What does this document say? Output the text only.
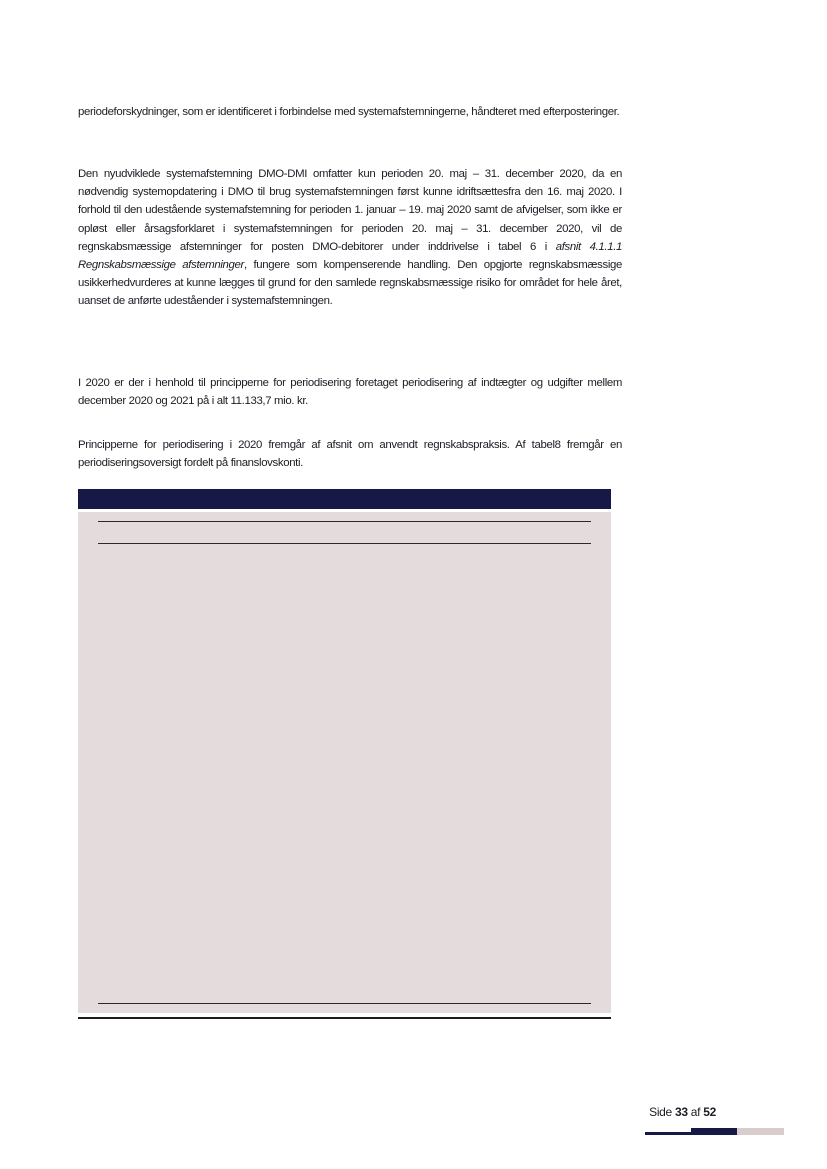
periodeforskydninger, som er identificeret i forbindelse med systemafstemningerne, håndteret med efterposteringer.

Den nyudviklede systemafstemning DMO-DMI omfatter kun perioden 20. maj – 31. december 2020, da en nødvendig systemopdatering i DMO til brug systemafstemningen først kunne idriftsættesfra den 16. maj 2020. I forhold til den udestående systemafstemning for perioden 1. januar – 19. maj 2020 samt de afvigelser, som ikke er opløst eller årsagsforklaret i systemafstemningen for perioden 20. maj – 31. december 2020, vil de regnskabsmæssige afstemninger for posten DMO-debitorer under inddrivelse i tabel 6 i afsnit 4.1.1.1 Regnskabsmæssige afstemninger, fungere som kompenserende handling. Den opgjorte regnskabsmæssige usikkerhedvurderes at kunne lægges til grund for den samlede regnskabsmæssige risiko for området for hele året, uanset de anførte udeståender i systemafstemningen.

I 2020 er der i henhold til principperne for periodisering foretaget periodisering af indtægter og udgifter mellem december 2020 og 2021 på i alt 11.133,7 mio. kr.

Principperne for periodisering i 2020 fremgår af afsnit om anvendt regnskabspraksis. Af tabel8 fremgår en periodiseringsoversigt fordelt på finanslovskonti.

Side 33 af 52
